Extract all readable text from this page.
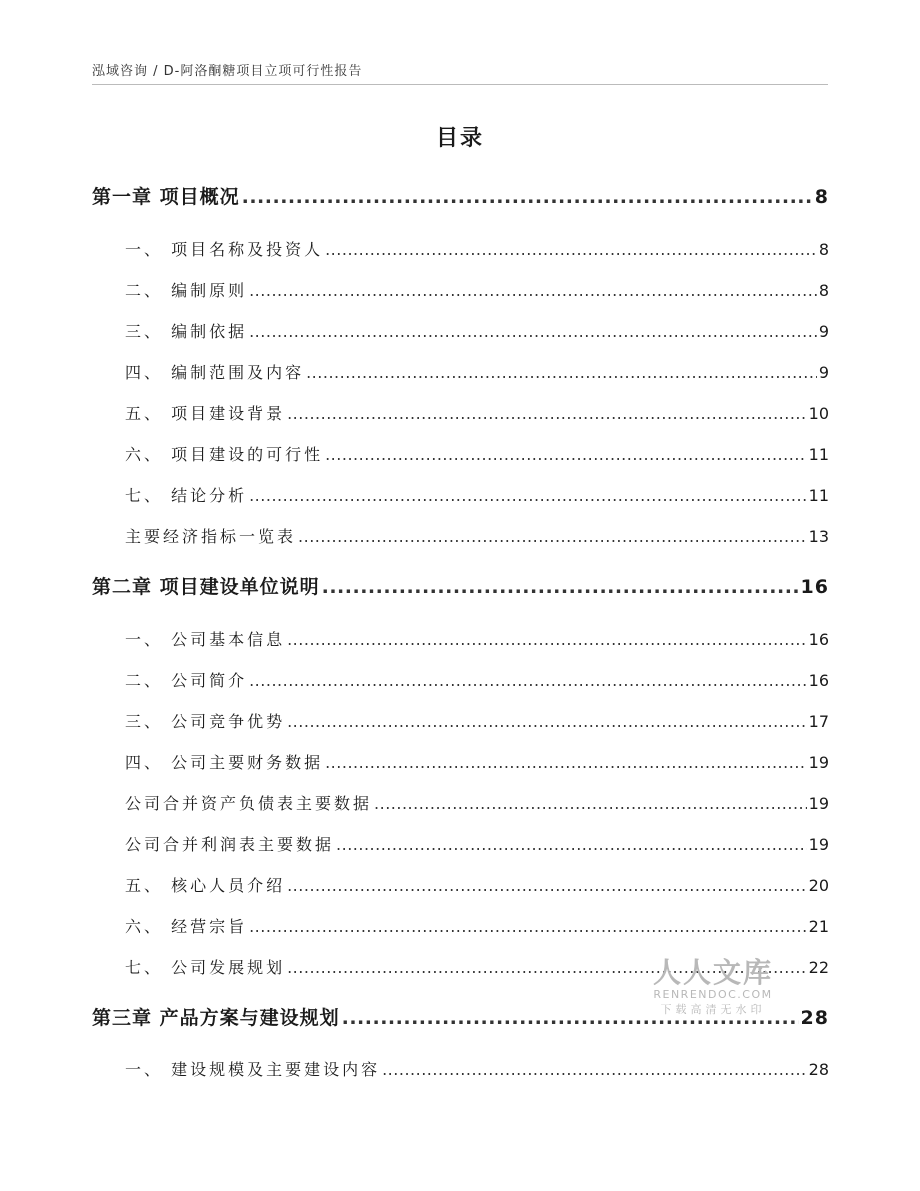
泓域咨询 / D-阿洛酮糖项目立项可行性报告
目录
第一章 项目概况 .....	8
一、 项目名称及投资人 .....	8
二、 编制原则 .....	8
三、 编制依据 .....	9
四、 编制范围及内容 .....	9
五、 项目建设背景 .....	10
六、 项目建设的可行性 .....	11
七、 结论分析 .....	11
主要经济指标一览表 .....	13
第二章 项目建设单位说明 .....	16
一、 公司基本信息 .....	16
二、 公司简介 .....	16
三、 公司竞争优势 .....	17
四、 公司主要财务数据 .....	19
公司合并资产负债表主要数据 .....	19
公司合并利润表主要数据 .....	19
五、 核心人员介绍 .....	20
六、 经营宗旨 .....	21
七、 公司发展规划 .....	22
第三章 产品方案与建设规划 .....	28
一、 建设规模及主要建设内容 .....	28
人人文库
RENRENDOC.COM
下载高清无水印
